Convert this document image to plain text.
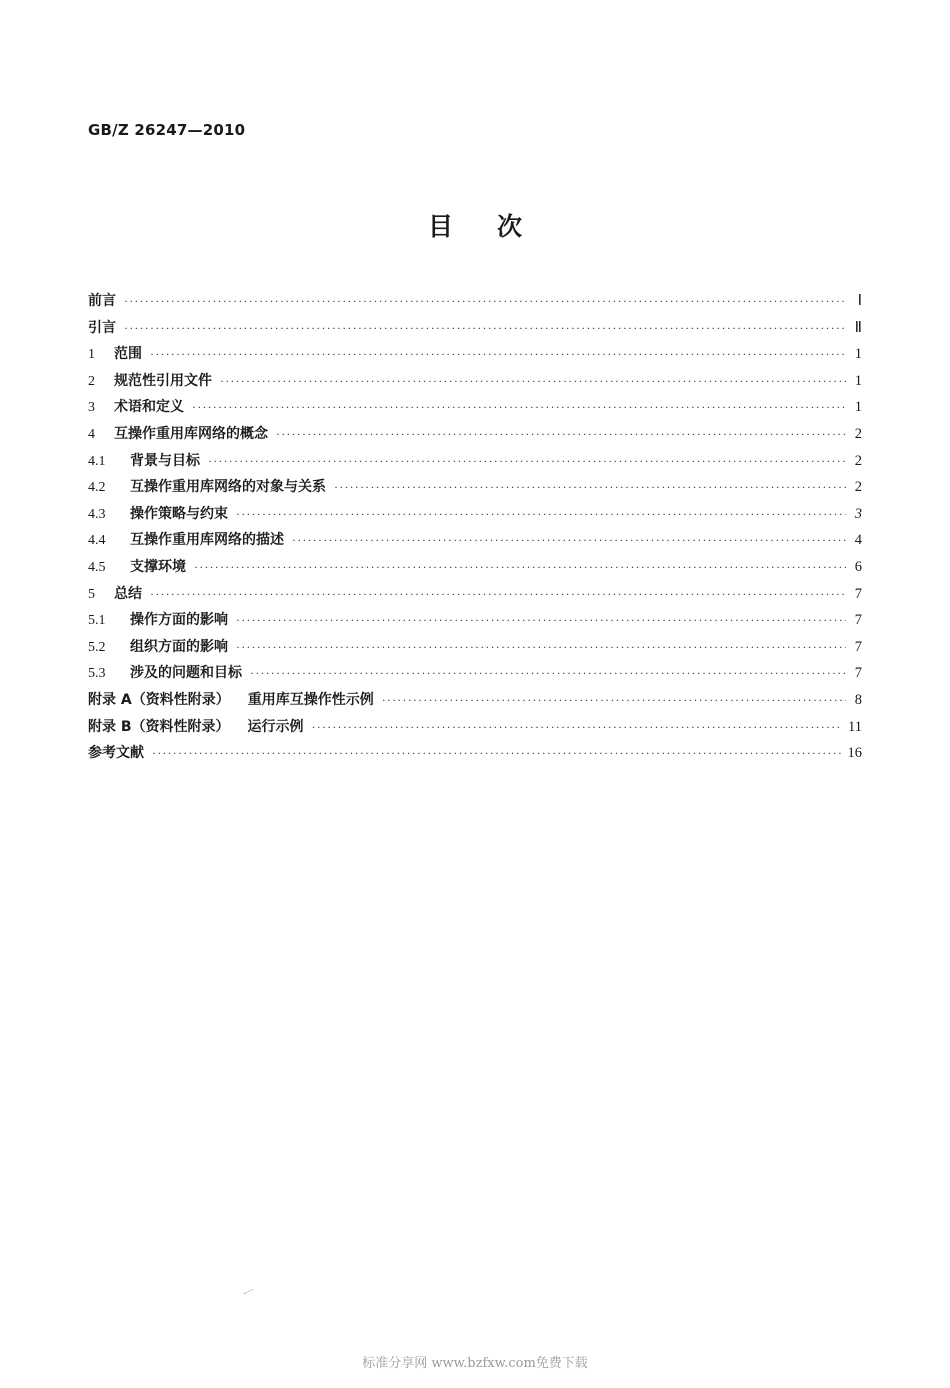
GB/Z 26247—2010
目次
前言 ·····	Ⅰ
引言 ·····	Ⅱ
1	范围 ·····	1
2	规范性引用文件 ·····	1
3	术语和定义 ·····	1
4	互操作重用库网络的概念 ·····	2
4.1	背景与目标 ·····	2
4.2	互操作重用库网络的对象与关系 ·····	2
4.3	操作策略与约束 ·····	3
4.4	互操作重用库网络的描述 ·····	4
4.5	支撑环境 ·····	6
5	总结 ·····	7
5.1	操作方面的影响 ·····	7
5.2	组织方面的影响 ·····	7
5.3	涉及的问题和目标 ·····	7
附录 A（资料性附录） 重用库互操作性示例 ·····	8
附录 B（资料性附录） 运行示例 ·····	11
参考文献 ·····	16
标准分享网 www.bzfxw.com免费下载
